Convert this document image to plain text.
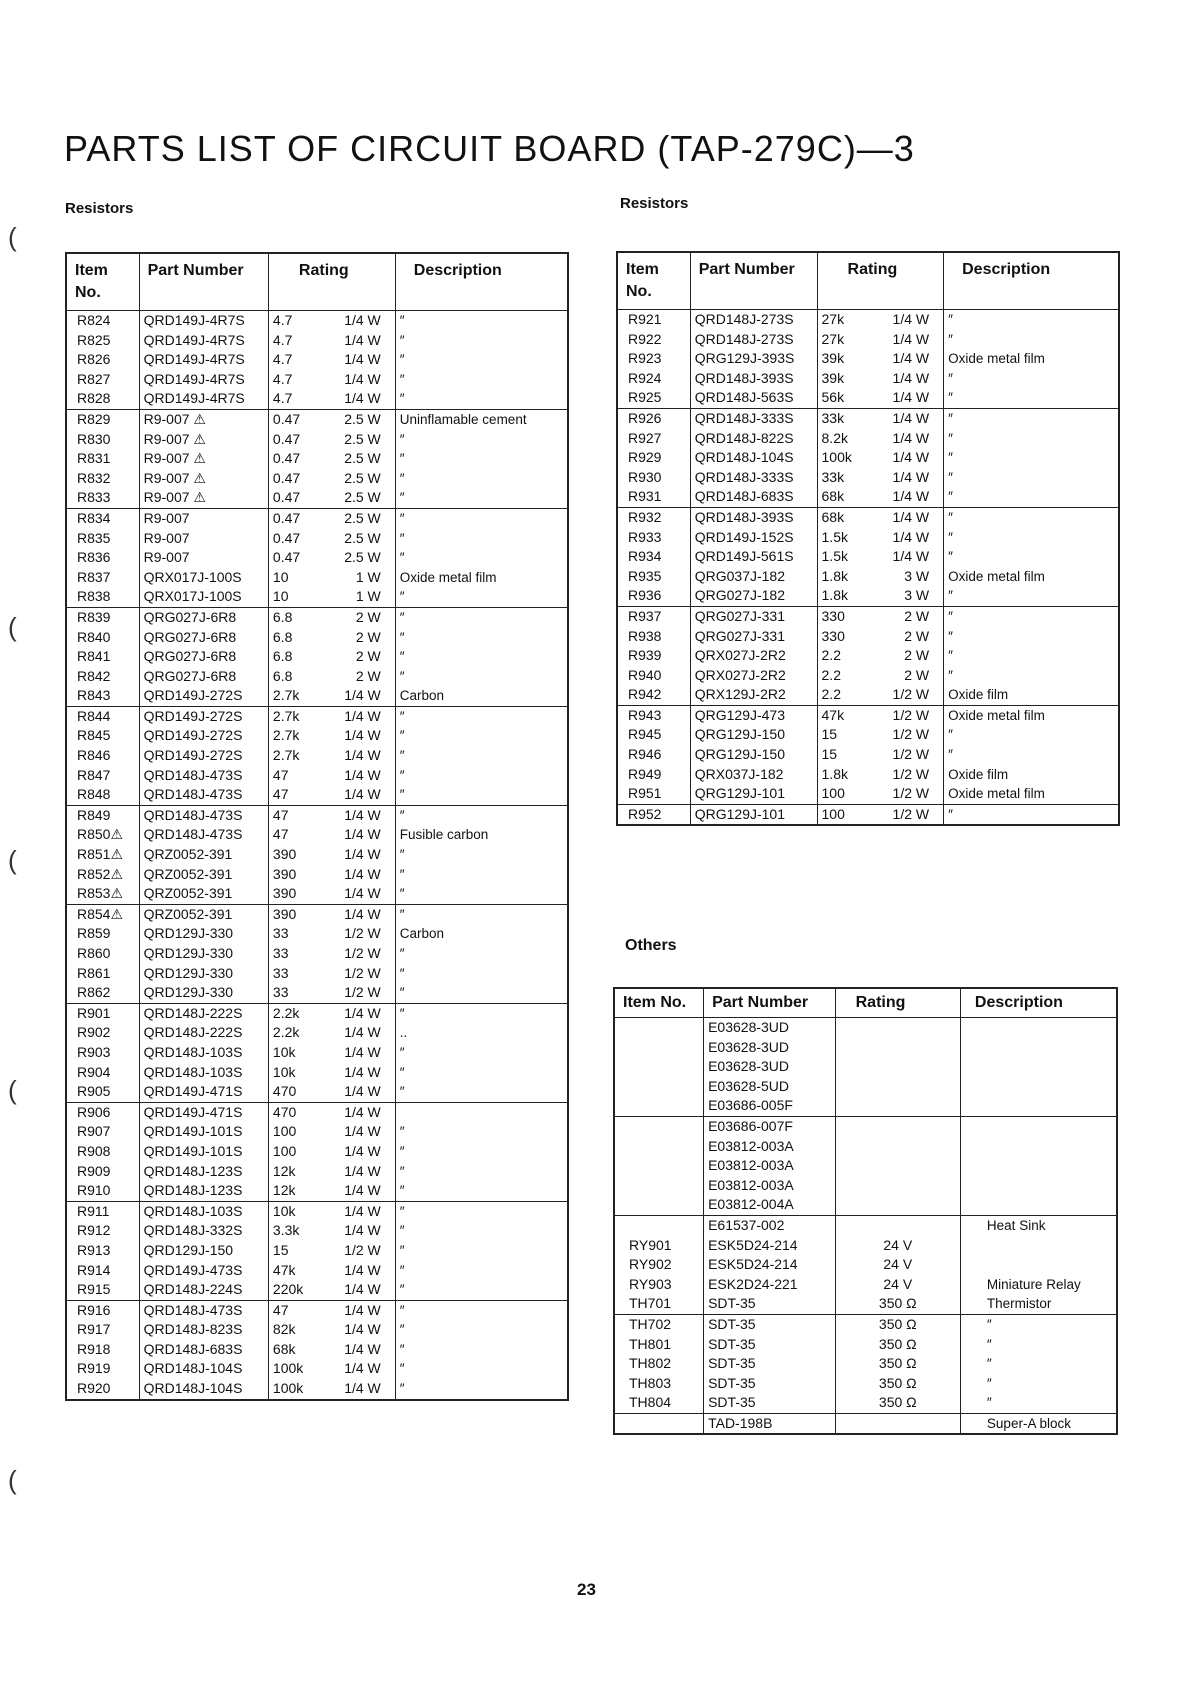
PARTS LIST OF CIRCUIT BOARD (TAP-279C)—3
Resistors	Resistors
Others
(
(
(
(
(
Item No.	Part Number	Rating		Description
R824	QRD149J-4R7S	4.7	1/4 W	″
R825	QRD149J-4R7S	4.7	1/4 W	″
R826	QRD149J-4R7S	4.7	1/4 W	″
R827	QRD149J-4R7S	4.7	1/4 W	″
R828	QRD149J-4R7S	4.7	1/4 W	″
R829	R9-007 ⚠	0.47	2.5 W	Uninflamable cement
R830	R9-007 ⚠	0.47	2.5 W	″
R831	R9-007 ⚠	0.47	2.5 W	″
R832	R9-007 ⚠	0.47	2.5 W	″
R833	R9-007 ⚠	0.47	2.5 W	″
R834	R9-007	0.47	2.5 W	″
R835	R9-007	0.47	2.5 W	″
R836	R9-007	0.47	2.5 W	″
R837	QRX017J-100S	10	1 W	Oxide metal film
R838	QRX017J-100S	10	1 W	″
R839	QRG027J-6R8	6.8	2 W	″
R840	QRG027J-6R8	6.8	2 W	″
R841	QRG027J-6R8	6.8	2 W	″
R842	QRG027J-6R8	6.8	2 W	″
R843	QRD149J-272S	2.7k	1/4 W	Carbon
R844	QRD149J-272S	2.7k	1/4 W	″
R845	QRD149J-272S	2.7k	1/4 W	″
R846	QRD149J-272S	2.7k	1/4 W	″
R847	QRD148J-473S	47	1/4 W	″
R848	QRD148J-473S	47	1/4 W	″
R849	QRD148J-473S	47	1/4 W	″
R850⚠	QRD148J-473S	47	1/4 W	Fusible carbon
R851⚠	QRZ0052-391	390	1/4 W	″
R852⚠	QRZ0052-391	390	1/4 W	″
R853⚠	QRZ0052-391	390	1/4 W	″
R854⚠	QRZ0052-391	390	1/4 W	″
R859	QRD129J-330	33	1/2 W	Carbon
R860	QRD129J-330	33	1/2 W	″
R861	QRD129J-330	33	1/2 W	″
R862	QRD129J-330	33	1/2 W	″
R901	QRD148J-222S	2.2k	1/4 W	″
R902	QRD148J-222S	2.2k	1/4 W	..
R903	QRD148J-103S	10k	1/4 W	″
R904	QRD148J-103S	10k	1/4 W	″
R905	QRD149J-471S	470	1/4 W	″
R906	QRD149J-471S	470	1/4 W	
R907	QRD149J-101S	100	1/4 W	″
R908	QRD149J-101S	100	1/4 W	″
R909	QRD148J-123S	12k	1/4 W	″
R910	QRD148J-123S	12k	1/4 W	″
R911	QRD148J-103S	10k	1/4 W	″
R912	QRD148J-332S	3.3k	1/4 W	″
R913	QRD129J-150	15	1/2 W	″
R914	QRD149J-473S	47k	1/4 W	″
R915	QRD148J-224S	220k	1/4 W	″
R916	QRD148J-473S	47	1/4 W	″
R917	QRD148J-823S	82k	1/4 W	″
R918	QRD148J-683S	68k	1/4 W	″
R919	QRD148J-104S	100k	1/4 W	″
R920	QRD148J-104S	100k	1/4 W	″
Item No.	Part Number	Rating		Description
R921	QRD148J-273S	27k	1/4 W	″
R922	QRD148J-273S	27k	1/4 W	″
R923	QRG129J-393S	39k	1/4 W	Oxide metal film
R924	QRD148J-393S	39k	1/4 W	″
R925	QRD148J-563S	56k	1/4 W	″
R926	QRD148J-333S	33k	1/4 W	″
R927	QRD148J-822S	8.2k	1/4 W	″
R929	QRD148J-104S	100k	1/4 W	″
R930	QRD148J-333S	33k	1/4 W	″
R931	QRD148J-683S	68k	1/4 W	″
R932	QRD148J-393S	68k	1/4 W	″
R933	QRD149J-152S	1.5k	1/4 W	″
R934	QRD149J-561S	1.5k	1/4 W	″
R935	QRG037J-182	1.8k	3 W	Oxide metal film
R936	QRG027J-182	1.8k	3 W	″
R937	QRG027J-331	330	2 W	″
R938	QRG027J-331	330	2 W	″
R939	QRX027J-2R2	2.2	2 W	″
R940	QRX027J-2R2	2.2	2 W	″
R942	QRX129J-2R2	2.2	1/2 W	Oxide film
R943	QRG129J-473	47k	1/2 W	Oxide metal film
R945	QRG129J-150	15	1/2 W	″
R946	QRG129J-150	15	1/2 W	″
R949	QRX037J-182	1.8k	1/2 W	Oxide film
R951	QRG129J-101	100	1/2 W	Oxide metal film
R952	QRG129J-101	100	1/2 W	″
Item No.	Part Number	Rating	Description
	E03628-3UD		
	E03628-3UD		
	E03628-3UD		
	E03628-5UD		
	E03686-005F		
	E03686-007F		
	E03812-003A		
	E03812-003A		
	E03812-003A		
	E03812-004A		
	E61537-002		Heat Sink
RY901	ESK5D24-214	24 V	
RY902	ESK5D24-214	24 V	
RY903	ESK2D24-221	24 V	Miniature Relay
TH701	SDT-35	350 Ω	Thermistor
TH702	SDT-35	350 Ω	″
TH801	SDT-35	350 Ω	″
TH802	SDT-35	350 Ω	″
TH803	SDT-35	350 Ω	″
TH804	SDT-35	350 Ω	″
	TAD-198B		Super-A block
23
